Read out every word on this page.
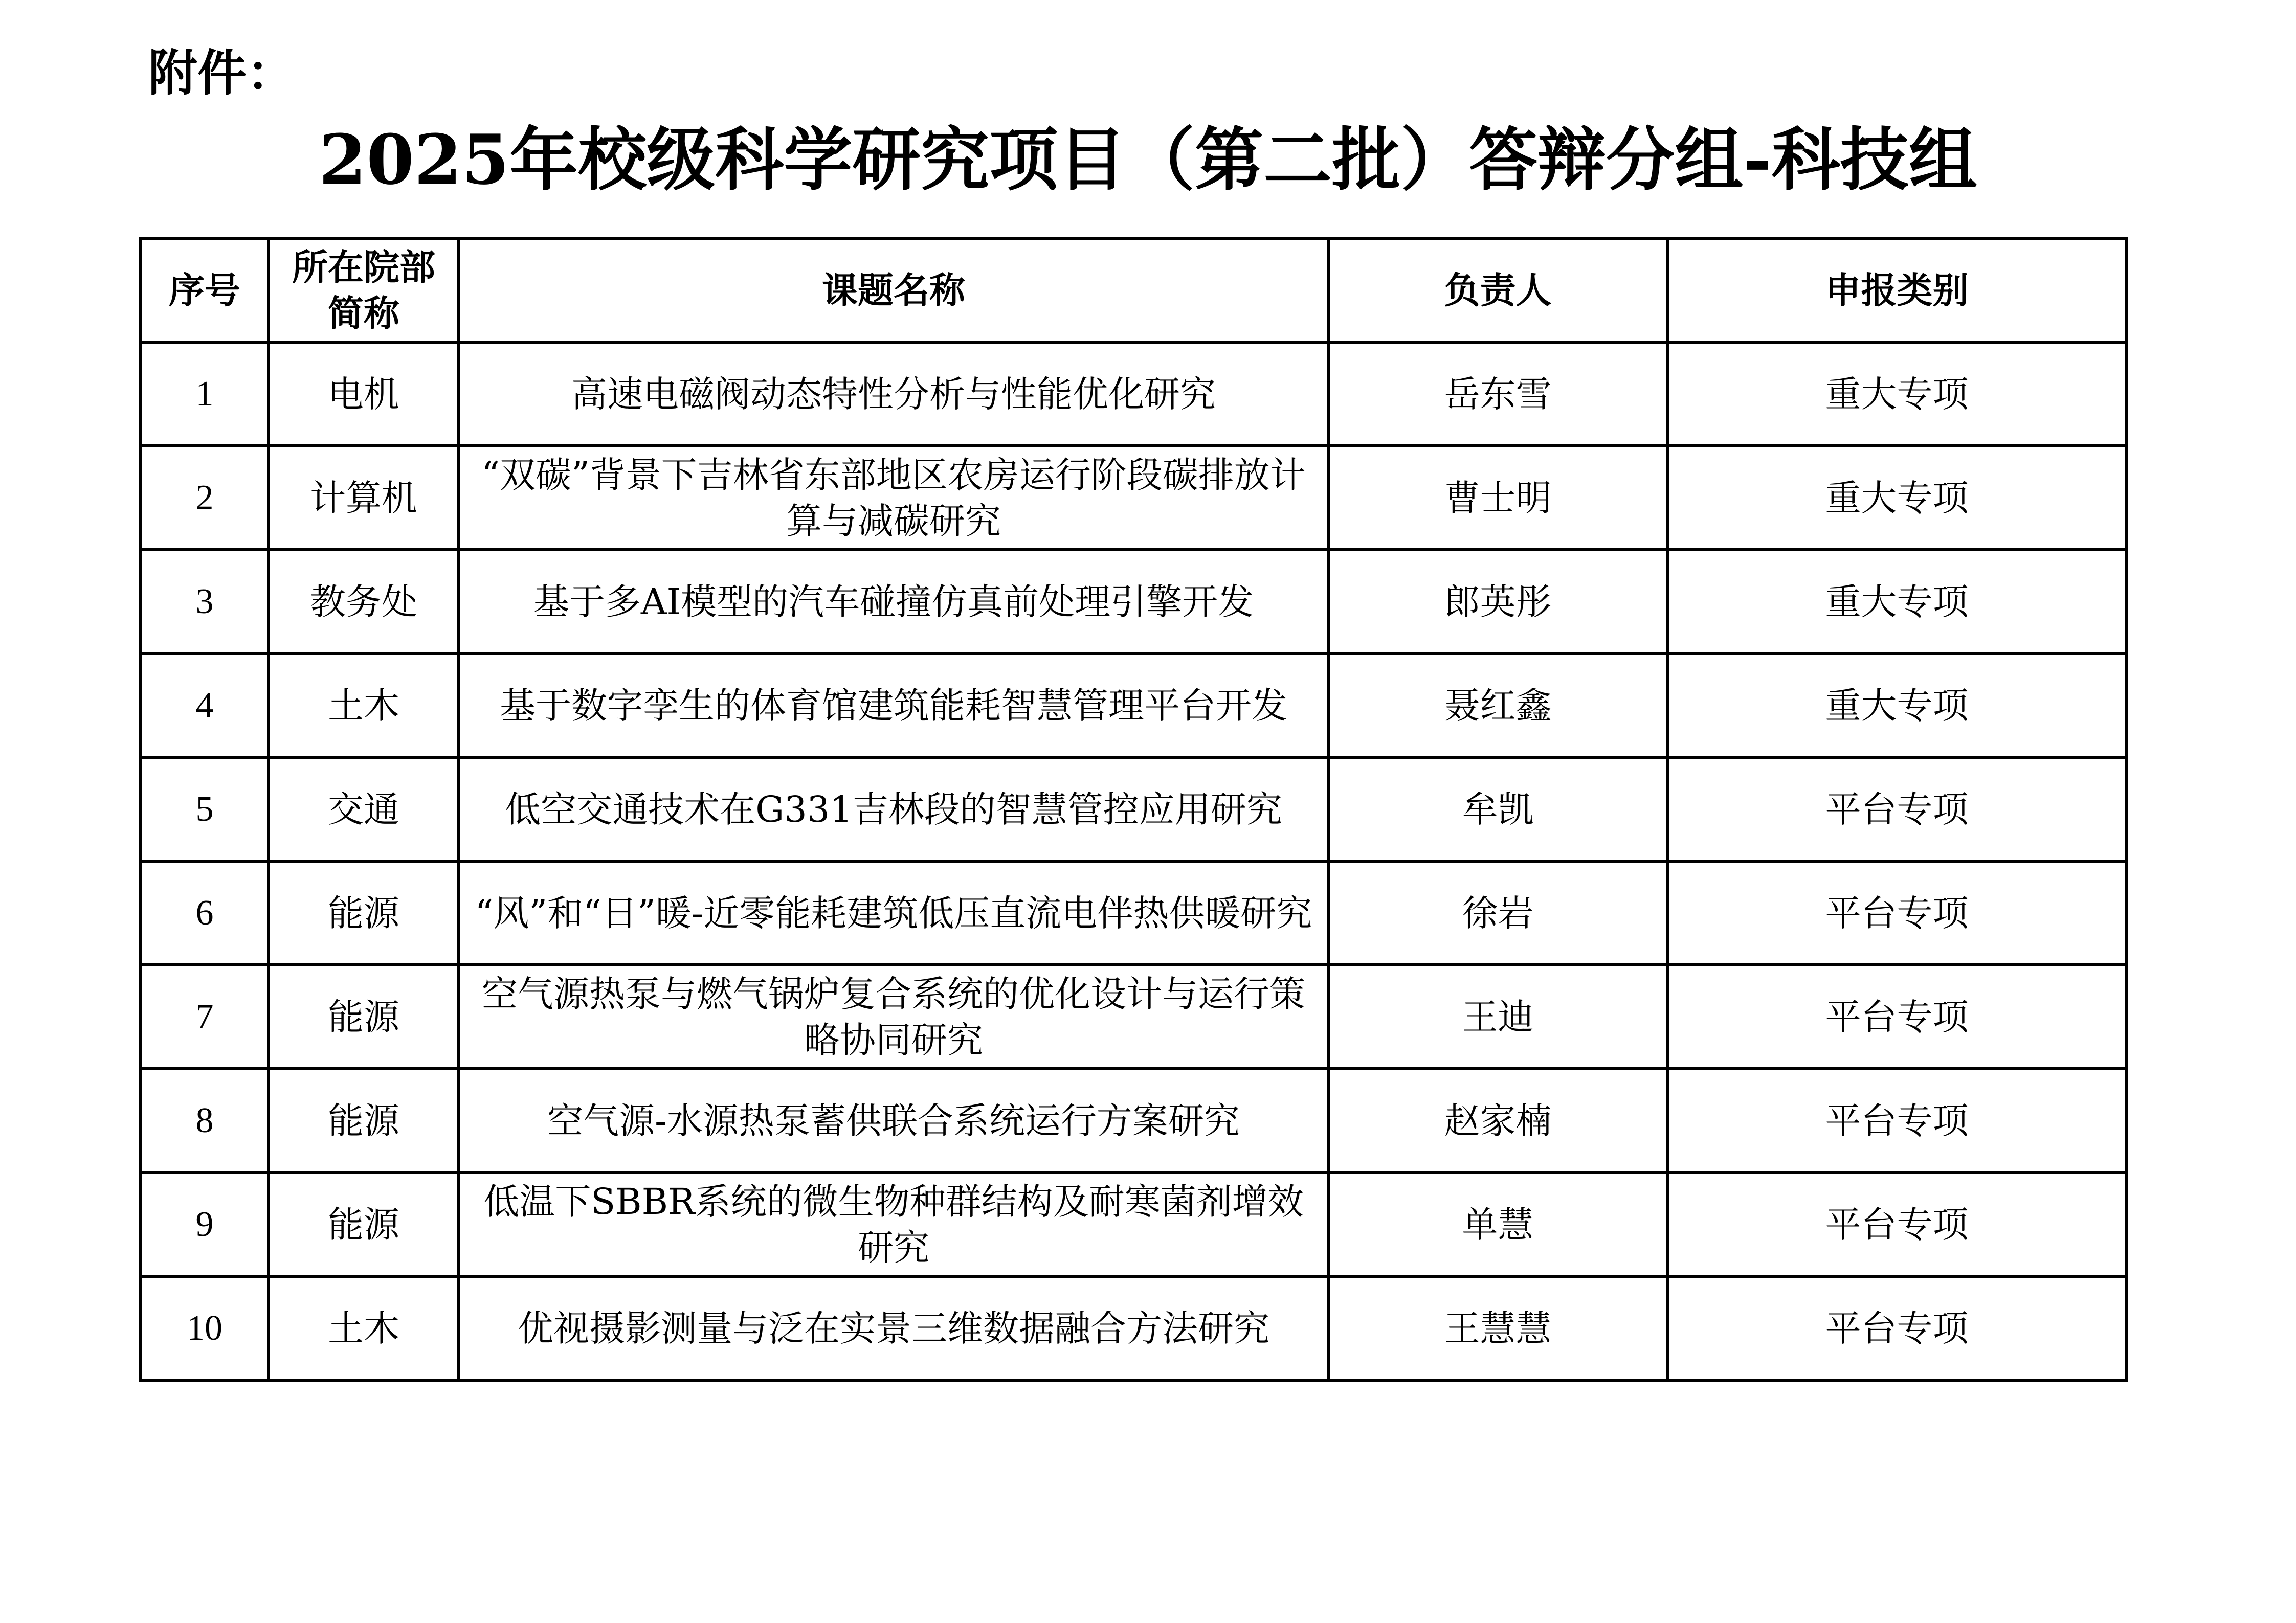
附件：
2025年校级科学研究项目（第二批）答辩分组-科技组
序号	所在院部简称	课题名称	负责人	申报类别
1	电机	高速电磁阀动态特性分析与性能优化研究	岳东雪	重大专项
2	计算机	“双碳”背景下吉林省东部地区农房运行阶段碳排放计算与减碳研究	曹士明	重大专项
3	教务处	基于多AI模型的汽车碰撞仿真前处理引擎开发	郎英彤	重大专项
4	土木	基于数字孪生的体育馆建筑能耗智慧管理平台开发	聂红鑫	重大专项
5	交通	低空交通技术在G331吉林段的智慧管控应用研究	牟凯	平台专项
6	能源	“风”和“日”暖-近零能耗建筑低压直流电伴热供暖研究	徐岩	平台专项
7	能源	空气源热泵与燃气锅炉复合系统的优化设计与运行策略协同研究	王迪	平台专项
8	能源	空气源-水源热泵蓄供联合系统运行方案研究	赵家楠	平台专项
9	能源	低温下SBBR系统的微生物种群结构及耐寒菌剂增效研究	单慧	平台专项
10	土木	优视摄影测量与泛在实景三维数据融合方法研究	王慧慧	平台专项
